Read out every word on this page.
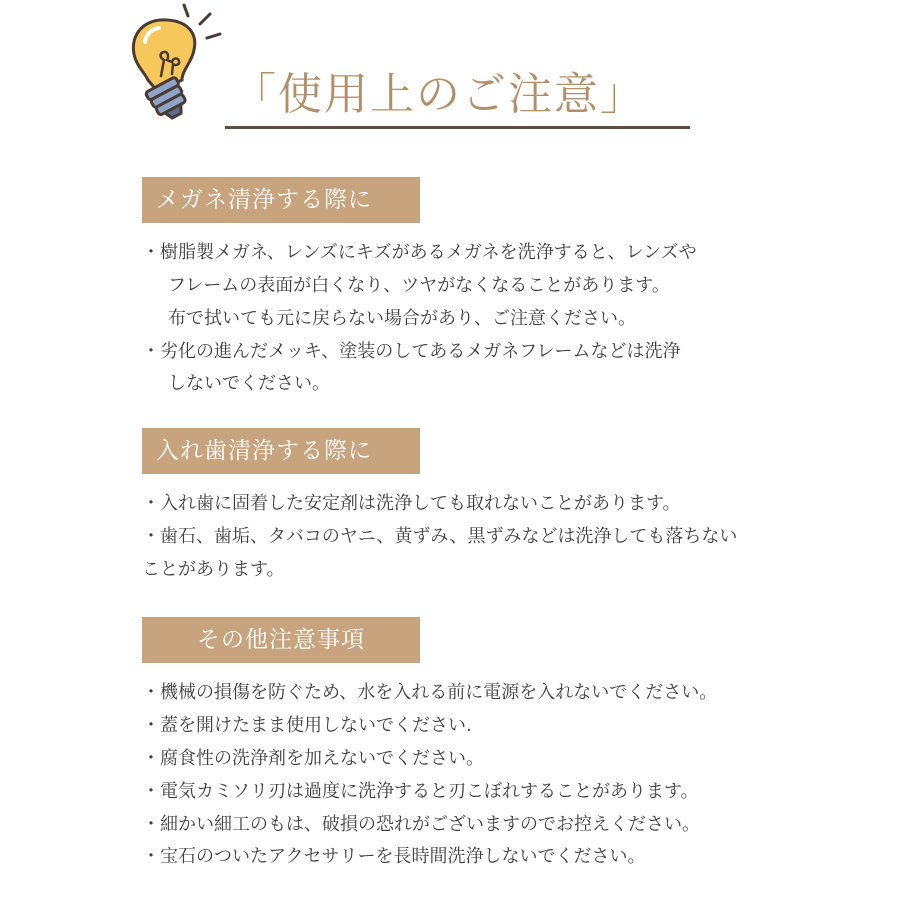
「使用上のご注意」
メガネ清浄する際に
・樹脂製メガネ、レンズにキズがあるメガネを洗浄すると、レンズや
フレームの表面が白くなり、ツヤがなくなることがあります。
布で拭いても元に戻らない場合があり、ご注意ください。
・劣化の進んだメッキ、塗装のしてあるメガネフレームなどは洗浄
しないでください。
入れ歯清浄する際に
・入れ歯に固着した安定剤は洗浄しても取れないことがあります。
・歯石、歯垢、タバコのヤニ、黄ずみ、黒ずみなどは洗浄しても落ちない
ことがあります。
その他注意事項
・機械の損傷を防ぐため、水を入れる前に電源を入れないでください。
・蓋を開けたまま使用しないでください.
・腐食性の洗浄剤を加えないでください。
・電気カミソリ刃は過度に洗浄すると刃こぼれすることがあります。
・細かい細工のもは、破損の恐れがございますのでお控えください。
・宝石のついたアクセサリーを長時間洗浄しないでください。
